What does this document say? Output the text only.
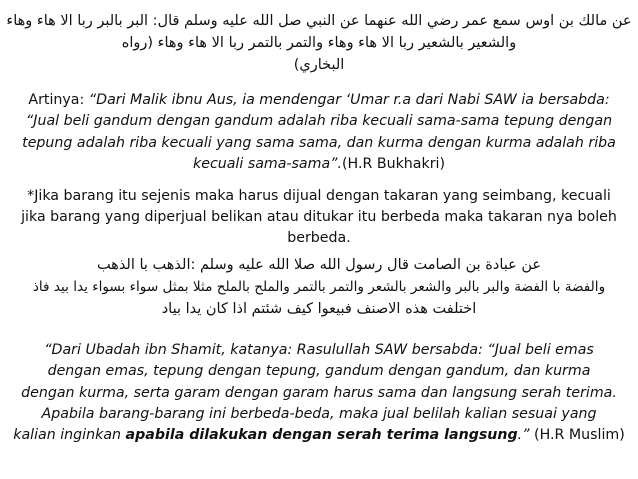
عن مالك بن اوس سمع عمر رضي الله عنهما عن النبي صل الله عليه وسلم قال: البر بالبر ربا الا هاء وهاء
والشعير بالشعير ربا الا هاء وهاء والتمر بالتمر ربا الا هاء وهاء (رواه
البخاري)
Artinya: “Dari Malik ibnu Aus, ia mendengar ‘Umar r.a dari Nabi SAW ia bersabda:
“Jual beli gandum dengan gandum adalah riba kecuali sama-sama tepung dengan
tepung adalah riba kecuali yang sama sama, dan kurma dengan kurma adalah riba
kecuali sama-sama”.(H.R Bukhakri)
*Jika barang itu sejenis maka harus dijual dengan takaran yang seimbang, kecuali
jika barang yang diperjual belikan atau ditukar itu berbeda maka takaran nya boleh
berbeda.
عن عبادة بن الصامت قال رسول الله صلا الله عليه وسلم :الذهب با الذهب
والفضة با الفضة والبر بالبر والشعر بالشعر والتمر بالتمر والملح بالملح مثلا بمثل سواء بسواء يدا بيد فاذ
اختلفت هذه الاصنف فبيعوا كيف شئتم اذا كان يدا بياد
“Dari Ubadah ibn Shamit, katanya: Rasulullah SAW bersabda: “Jual beli emas
dengan emas, tepung dengan tepung, gandum dengan gandum, dan kurma
dengan kurma, serta garam dengan garam harus sama dan langsung serah terima.
Apabila barang-barang ini berbeda-beda, maka jual belilah kalian sesuai yang
kalian inginkan apabila dilakukan dengan serah terima langsung.” (H.R Muslim)
